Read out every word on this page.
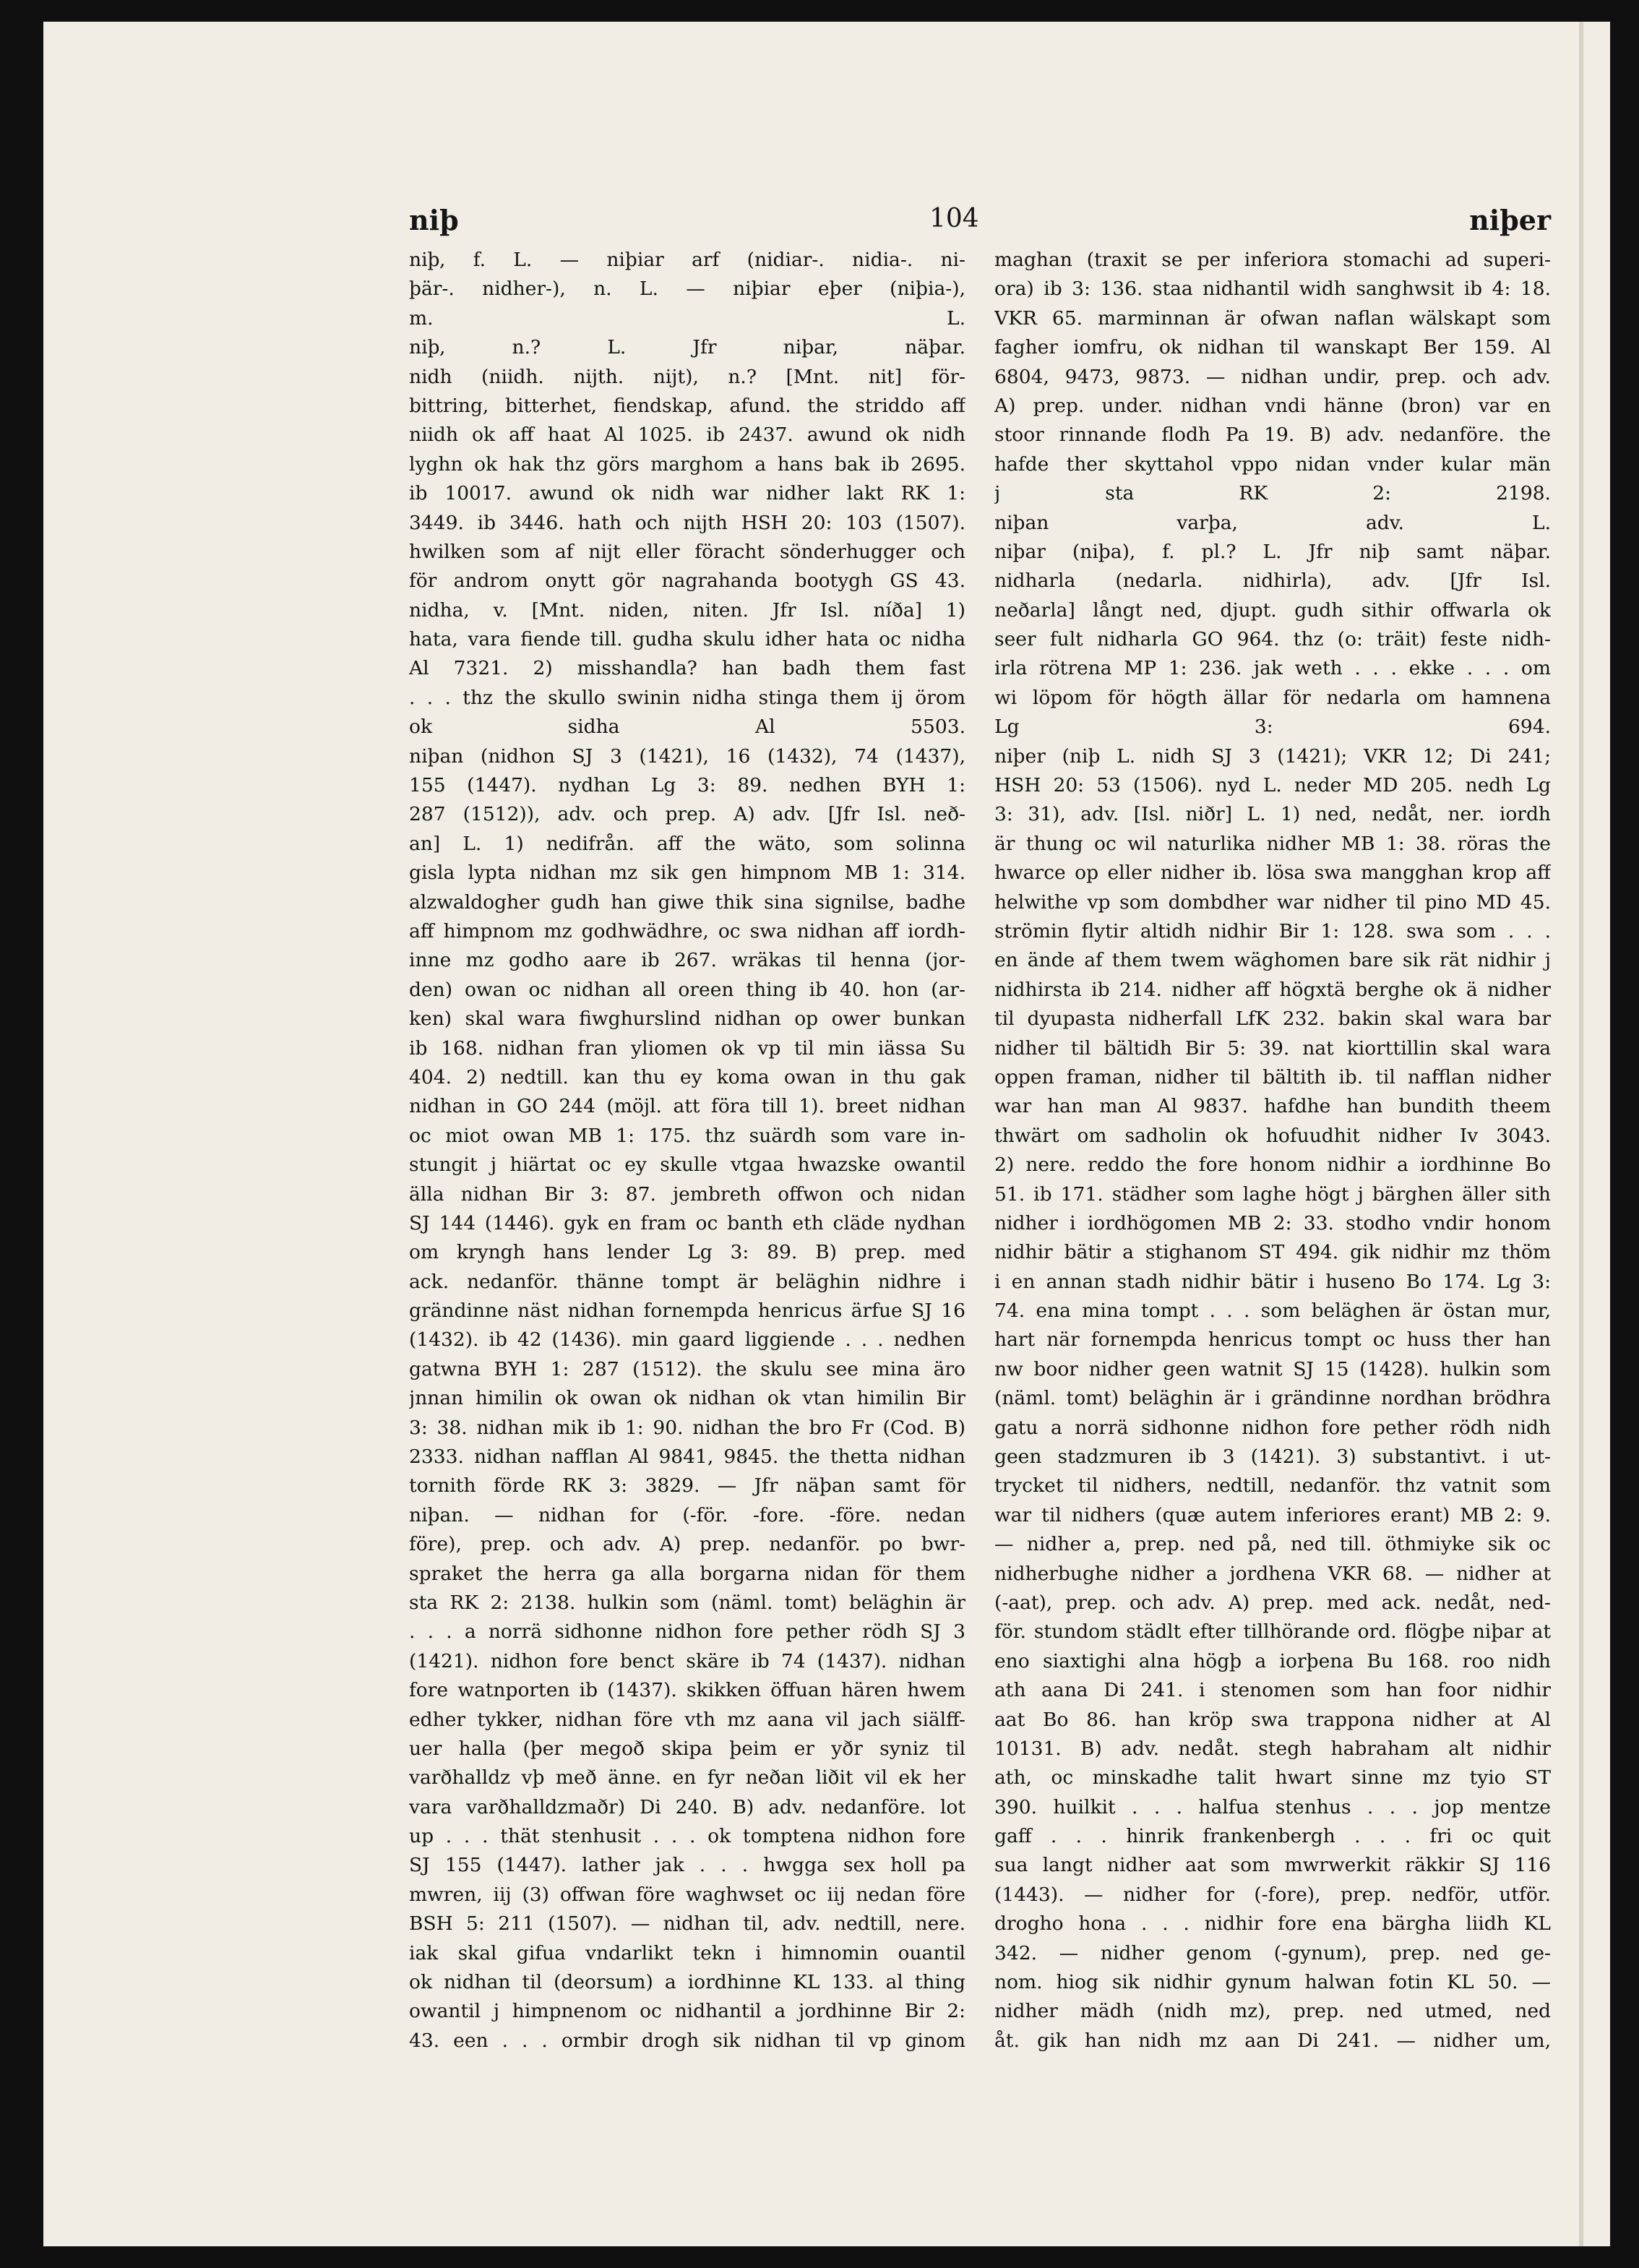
niþ	104	niþer
niþ, f. L. — niþiar arf (nidiar-. nidia-. ni-
þär-. nidher-), n. L. — niþiar eþer (niþia-),
m. L.
niþ, n.? L. Jfr niþar, näþar.
nidh (niidh. nijth. nijt), n.? [Mnt. nit] för-
bittring, bitterhet, fiendskap, afund. the striddo aff
niidh ok aff haat Al 1025. ib 2437. awund ok nidh
lyghn ok hak thz görs marghom a hans bak ib 2695.
ib 10017. awund ok nidh war nidher lakt RK 1:
3449. ib 3446. hath och nijth HSH 20: 103 (1507).
hwilken som af nijt eller föracht sönderhugger och
för androm onytt gör nagrahanda bootygh GS 43.
nidha, v. [Mnt. niden, niten. Jfr Isl. níða] 1)
hata, vara fiende till. gudha skulu idher hata oc nidha
Al 7321. 2) misshandla? han badh them fast
. . . thz the skullo swinin nidha stinga them ij örom
ok sidha Al 5503.
niþan (nidhon SJ 3 (1421), 16 (1432), 74 (1437),
155 (1447). nydhan Lg 3: 89. nedhen BYH 1:
287 (1512)), adv. och prep. A) adv. [Jfr Isl. neð-
an] L. 1) nedifrån. aff the wäto, som solinna
gisla lypta nidhan mz sik gen himpnom MB 1: 314.
alzwaldogher gudh han giwe thik sina signilse, badhe
aff himpnom mz godhwädhre, oc swa nidhan aff iordh-
inne mz godho aare ib 267. wräkas til henna (jor-
den) owan oc nidhan all oreen thing ib 40. hon (ar-
ken) skal wara fiwghurslind nidhan op ower bunkan
ib 168. nidhan fran yliomen ok vp til min iässa Su
404. 2) nedtill. kan thu ey koma owan in thu gak
nidhan in GO 244 (möjl. att föra till 1). breet nidhan
oc miot owan MB 1: 175. thz suärdh som vare in-
stungit j hiärtat oc ey skulle vtgaa hwazske owantil
älla nidhan Bir 3: 87. jembreth offwon och nidan
SJ 144 (1446). gyk en fram oc banth eth cläde nydhan
om kryngh hans lender Lg 3: 89. B) prep. med
ack. nedanför. thänne tompt är beläghin nidhre i
grändinne näst nidhan fornempda henricus ärfue SJ 16
(1432). ib 42 (1436). min gaard liggiende . . . nedhen
gatwna BYH 1: 287 (1512). the skulu see mina äro
jnnan himilin ok owan ok nidhan ok vtan himilin Bir
3: 38. nidhan mik ib 1: 90. nidhan the bro Fr (Cod. B)
2333. nidhan nafflan Al 9841, 9845. the thetta nidhan
tornith förde RK 3: 3829. — Jfr näþan samt för
niþan. — nidhan for (-för. -fore. -före. nedan
före), prep. och adv. A) prep. nedanför. po bwr-
spraket the herra ga alla borgarna nidan för them
sta RK 2: 2138. hulkin som (näml. tomt) beläghin är
. . . a norrä sidhonne nidhon fore pether rödh SJ 3
(1421). nidhon fore benct skäre ib 74 (1437). nidhan
fore watnporten ib (1437). skikken öffuan hären hwem
edher tykker, nidhan före vth mz aana vil jach siälff-
uer halla (þer megoð skipa þeim er yðr syniz til
varðhalldz vþ með änne. en fyr neðan liðit vil ek her
vara varðhalldzmaðr) Di 240. B) adv. nedanföre. lot
up . . . thät stenhusit . . . ok tomptena nidhon fore
SJ 155 (1447). lather jak . . . hwgga sex holl pa
mwren, iij (3) offwan före waghwset oc iij nedan före
BSH 5: 211 (1507). — nidhan til, adv. nedtill, nere.
iak skal gifua vndarlikt tekn i himnomin ouantil
ok nidhan til (deorsum) a iordhinne KL 133. al thing
owantil j himpnenom oc nidhantil a jordhinne Bir 2:
43. een . . . ormbir drogh sik nidhan til vp ginom
maghan (traxit se per inferiora stomachi ad superi-
ora) ib 3: 136. staa nidhantil widh sanghwsit ib 4: 18.
VKR 65. marminnan är ofwan naflan wälskapt som
fagher iomfru, ok nidhan til wanskapt Ber 159. Al
6804, 9473, 9873. — nidhan undir, prep. och adv.
A) prep. under. nidhan vndi hänne (bron) var en
stoor rinnande flodh Pa 19. B) adv. nedanföre. the
hafde ther skyttahol vppo nidan vnder kular män
j sta RK 2: 2198.
niþan varþa, adv. L.
niþar (niþa), f. pl.? L. Jfr niþ samt näþar.
nidharla (nedarla. nidhirla), adv. [Jfr Isl.
neðarla] långt ned, djupt. gudh sithir offwarla ok
seer fult nidharla GO 964. thz (o: träit) feste nidh-
irla rötrena MP 1: 236. jak weth . . . ekke . . . om
wi löpom för högth ällar för nedarla om hamnena
Lg 3: 694.
niþer (niþ L. nidh SJ 3 (1421); VKR 12; Di 241;
HSH 20: 53 (1506). nyd L. neder MD 205. nedh Lg
3: 31), adv. [Isl. niðr] L. 1) ned, nedåt, ner. iordh
är thung oc wil naturlika nidher MB 1: 38. röras the
hwarce op eller nidher ib. lösa swa mangghan krop aff
helwithe vp som dombdher war nidher til pino MD 45.
strömin flytir altidh nidhir Bir 1: 128. swa som . . .
en ände af them twem wäghomen bare sik rät nidhir j
nidhirsta ib 214. nidher aff högxtä berghe ok ä nidher
til dyupasta nidherfall LfK 232. bakin skal wara bar
nidher til bältidh Bir 5: 39. nat kiorttillin skal wara
oppen framan, nidher til bältith ib. til nafflan nidher
war han man Al 9837. hafdhe han bundith theem
thwärt om sadholin ok hofuudhit nidher Iv 3043.
2) nere. reddo the fore honom nidhir a iordhinne Bo
51. ib 171. städher som laghe högt j bärghen äller sith
nidher i iordhögomen MB 2: 33. stodho vndir honom
nidhir bätir a stighanom ST 494. gik nidhir mz thöm
i en annan stadh nidhir bätir i huseno Bo 174. Lg 3:
74. ena mina tompt . . . som beläghen är östan mur,
hart när fornempda henricus tompt oc huss ther han
nw boor nidher geen watnit SJ 15 (1428). hulkin som
(näml. tomt) beläghin är i grändinne nordhan brödhra
gatu a norrä sidhonne nidhon fore pether rödh nidh
geen stadzmuren ib 3 (1421). 3) substantivt. i ut-
trycket til nidhers, nedtill, nedanför. thz vatnit som
war til nidhers (quæ autem inferiores erant) MB 2: 9.
— nidher a, prep. ned på, ned till. öthmiyke sik oc
nidherbughe nidher a jordhena VKR 68. — nidher at
(-aat), prep. och adv. A) prep. med ack. nedåt, ned-
för. stundom städlt efter tillhörande ord. flögþe niþar at
eno siaxtighi alna högþ a iorþena Bu 168. roo nidh
ath aana Di 241. i stenomen som han foor nidhir
aat Bo 86. han kröp swa trappona nidher at Al
10131. B) adv. nedåt. stegh habraham alt nidhir
ath, oc minskadhe talit hwart sinne mz tyio ST
390. huilkit . . . halfua stenhus . . . jop mentze
gaff . . . hinrik frankenbergh . . . fri oc quit
sua langt nidher aat som mwrwerkit räkkir SJ 116
(1443). — nidher for (-fore), prep. nedför, utför.
drogho hona . . . nidhir fore ena bärgha liidh KL
342. — nidher genom (-gynum), prep. ned ge-
nom. hiog sik nidhir gynum halwan fotin KL 50. —
nidher mädh (nidh mz), prep. ned utmed, ned
åt. gik han nidh mz aan Di 241. — nidher um,
